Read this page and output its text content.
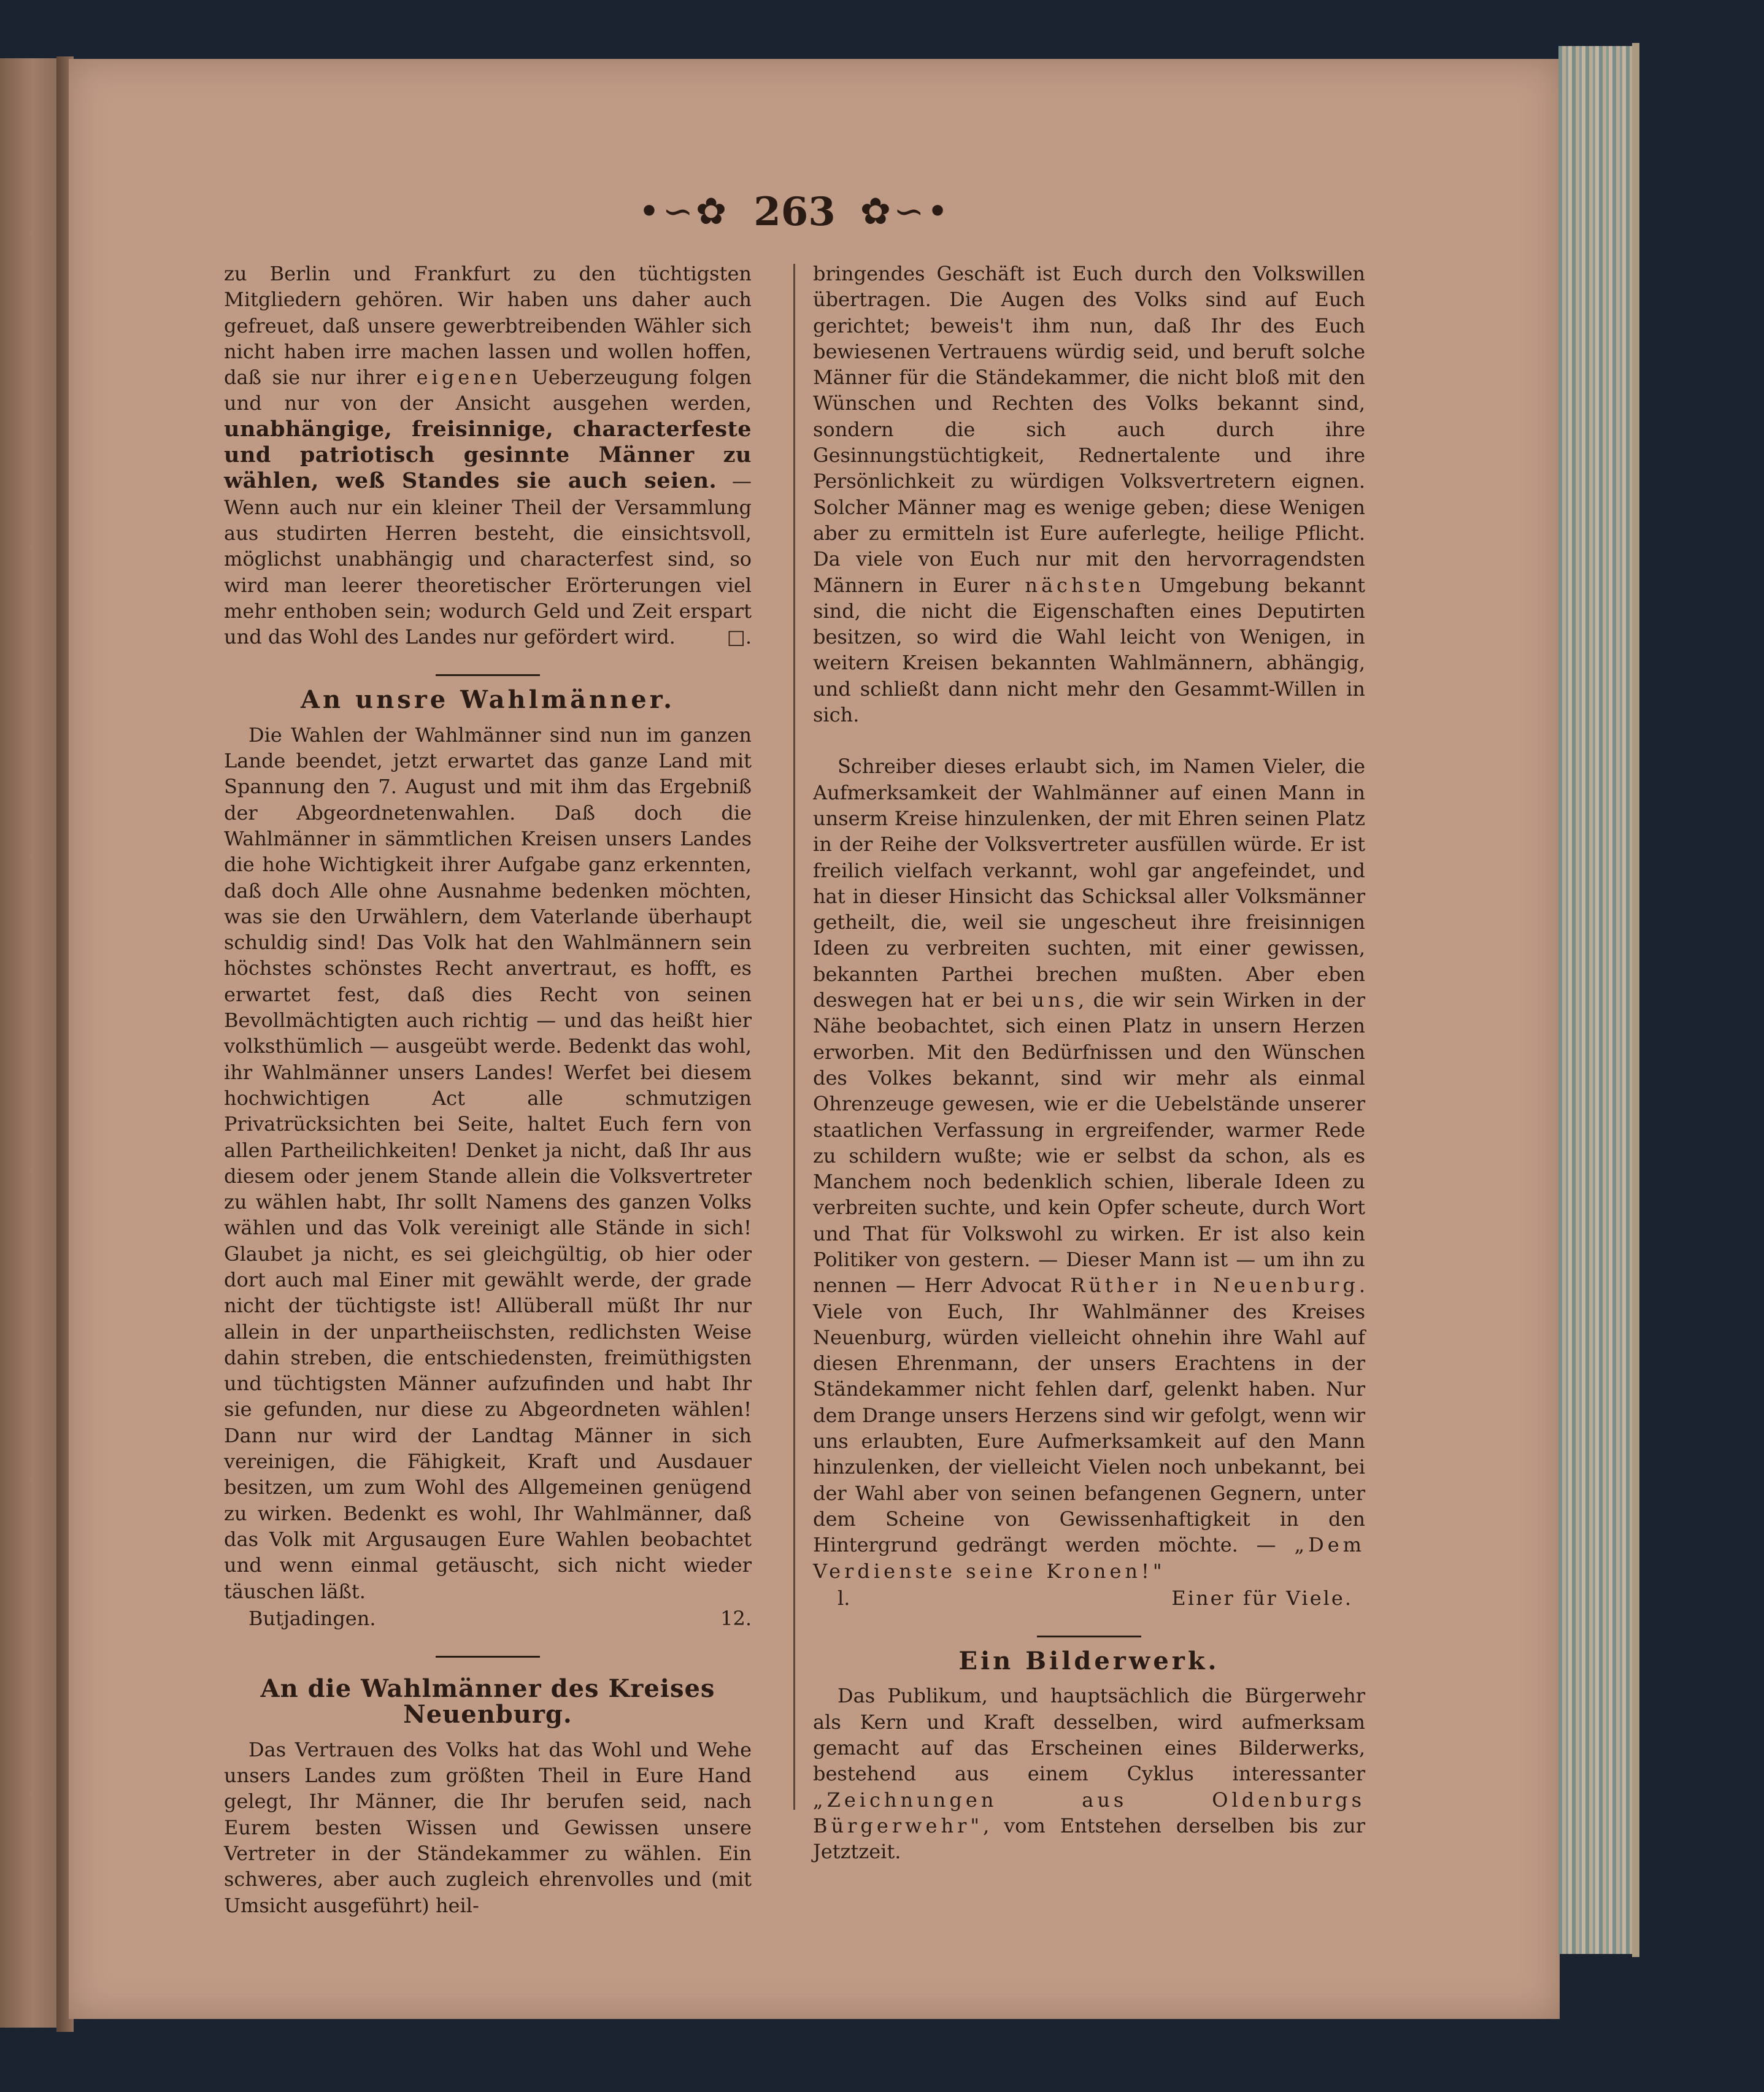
•∽✿ 263 ✿∽•

zu Berlin und Frankfurt zu den tüchtigsten Mitgliedern gehören. Wir haben uns daher auch gefreuet, daß unsere gewerbtreibenden Wähler sich nicht haben irre machen lassen und wollen hoffen, daß sie nur ihrer eigenen Ueberzeugung folgen und nur von der Ansicht ausgehen werden, unabhängige, freisinnige, characterfeste und patriotisch gesinnte Männer zu wählen, weß Standes sie auch seien. — Wenn auch nur ein kleiner Theil der Versammlung aus studirten Herren besteht, die einsichtsvoll, möglichst unabhängig und characterfest sind, so wird man leerer theoretischer Erörterungen viel mehr enthoben sein; wodurch Geld und Zeit erspart und das Wohl des Landes nur gefördert wird.	□.

An unsre Wahlmänner.

Die Wahlen der Wahlmänner sind nun im ganzen Lande beendet, jetzt erwartet das ganze Land mit Spannung den 7. August und mit ihm das Ergebniß der Abgeordnetenwahlen. Daß doch die Wahlmänner in sämmtlichen Kreisen unsers Landes die hohe Wichtigkeit ihrer Aufgabe ganz erkennten, daß doch Alle ohne Ausnahme bedenken möchten, was sie den Urwählern, dem Vaterlande überhaupt schuldig sind! Das Volk hat den Wahlmännern sein höchstes schönstes Recht anvertraut, es hofft, es erwartet fest, daß dies Recht von seinen Bevollmächtigten auch richtig — und das heißt hier volksthümlich — ausgeübt werde. Bedenkt das wohl, ihr Wahlmänner unsers Landes! Werfet bei diesem hochwichtigen Act alle schmutzigen Privatrücksichten bei Seite, haltet Euch fern von allen Partheilichkeiten! Denket ja nicht, daß Ihr aus diesem oder jenem Stande allein die Volksvertreter zu wählen habt, Ihr sollt Namens des ganzen Volks wählen und das Volk vereinigt alle Stände in sich! Glaubet ja nicht, es sei gleichgültig, ob hier oder dort auch mal Einer mit gewählt werde, der grade nicht der tüchtigste ist! Allüberall müßt Ihr nur allein in der unpartheiischsten, redlichsten Weise dahin streben, die entschiedensten, freimüthigsten und tüchtigsten Männer aufzufinden und habt Ihr sie gefunden, nur diese zu Abgeordneten wählen! Dann nur wird der Landtag Männer in sich vereinigen, die Fähigkeit, Kraft und Ausdauer besitzen, um zum Wohl des Allgemeinen genügend zu wirken. Bedenkt es wohl, Ihr Wahlmänner, daß das Volk mit Argusaugen Eure Wahlen beobachtet und wenn einmal getäuscht, sich nicht wieder täuschen läßt.

Butjadingen.	12.
An die Wahlmänner des Kreises Neuenburg.

Das Vertrauen des Volks hat das Wohl und Wehe unsers Landes zum größten Theil in Eure Hand gelegt, Ihr Männer, die Ihr berufen seid, nach Eurem besten Wissen und Gewissen unsere Vertreter in der Ständekammer zu wählen. Ein schweres, aber auch zugleich ehrenvolles und (mit Umsicht ausgeführt) heil-

bringendes Geschäft ist Euch durch den Volkswillen übertragen. Die Augen des Volks sind auf Euch gerichtet; beweis't ihm nun, daß Ihr des Euch bewiesenen Vertrauens würdig seid, und beruft solche Männer für die Ständekammer, die nicht bloß mit den Wünschen und Rechten des Volks bekannt sind, sondern die sich auch durch ihre Gesinnungstüchtigkeit, Rednertalente und ihre Persönlichkeit zu würdigen Volksvertretern eignen. Solcher Männer mag es wenige geben; diese Wenigen aber zu ermitteln ist Eure auferlegte, heilige Pflicht. Da viele von Euch nur mit den hervorragendsten Männern in Eurer nächsten Umgebung bekannt sind, die nicht die Eigenschaften eines Deputirten besitzen, so wird die Wahl leicht von Wenigen, in weitern Kreisen bekannten Wahlmännern, abhängig, und schließt dann nicht mehr den Gesammt-Willen in sich.

Schreiber dieses erlaubt sich, im Namen Vieler, die Aufmerksamkeit der Wahlmänner auf einen Mann in unserm Kreise hinzulenken, der mit Ehren seinen Platz in der Reihe der Volksvertreter ausfüllen würde. Er ist freilich vielfach verkannt, wohl gar angefeindet, und hat in dieser Hinsicht das Schicksal aller Volksmänner getheilt, die, weil sie ungescheut ihre freisinnigen Ideen zu verbreiten suchten, mit einer gewissen, bekannten Parthei brechen mußten. Aber eben deswegen hat er bei uns, die wir sein Wirken in der Nähe beobachtet, sich einen Platz in unsern Herzen erworben. Mit den Bedürfnissen und den Wünschen des Volkes bekannt, sind wir mehr als einmal Ohrenzeuge gewesen, wie er die Uebelstände unserer staatlichen Verfassung in ergreifender, warmer Rede zu schildern wußte; wie er selbst da schon, als es Manchem noch bedenklich schien, liberale Ideen zu verbreiten suchte, und kein Opfer scheute, durch Wort und That für Volkswohl zu wirken. Er ist also kein Politiker von gestern. — Dieser Mann ist — um ihn zu nennen — Herr Advocat Rüther in Neuenburg. Viele von Euch, Ihr Wahlmänner des Kreises Neuenburg, würden vielleicht ohnehin ihre Wahl auf diesen Ehrenmann, der unsers Erachtens in der Ständekammer nicht fehlen darf, gelenkt haben. Nur dem Drange unsers Herzens sind wir gefolgt, wenn wir uns erlaubten, Eure Aufmerksamkeit auf den Mann hinzulenken, der vielleicht Vielen noch unbekannt, bei der Wahl aber von seinen befangenen Gegnern, unter dem Scheine von Gewissenhaftigkeit in den Hintergrund gedrängt werden möchte. — „Dem Verdienste seine Kronen!"

l.	Einer für Viele.
Ein Bilderwerk.

Das Publikum, und hauptsächlich die Bürgerwehr als Kern und Kraft desselben, wird aufmerksam gemacht auf das Erscheinen eines Bilderwerks, bestehend aus einem Cyklus interessanter „Zeichnungen aus Oldenburgs Bürgerwehr", vom Entstehen derselben bis zur Jetztzeit.
